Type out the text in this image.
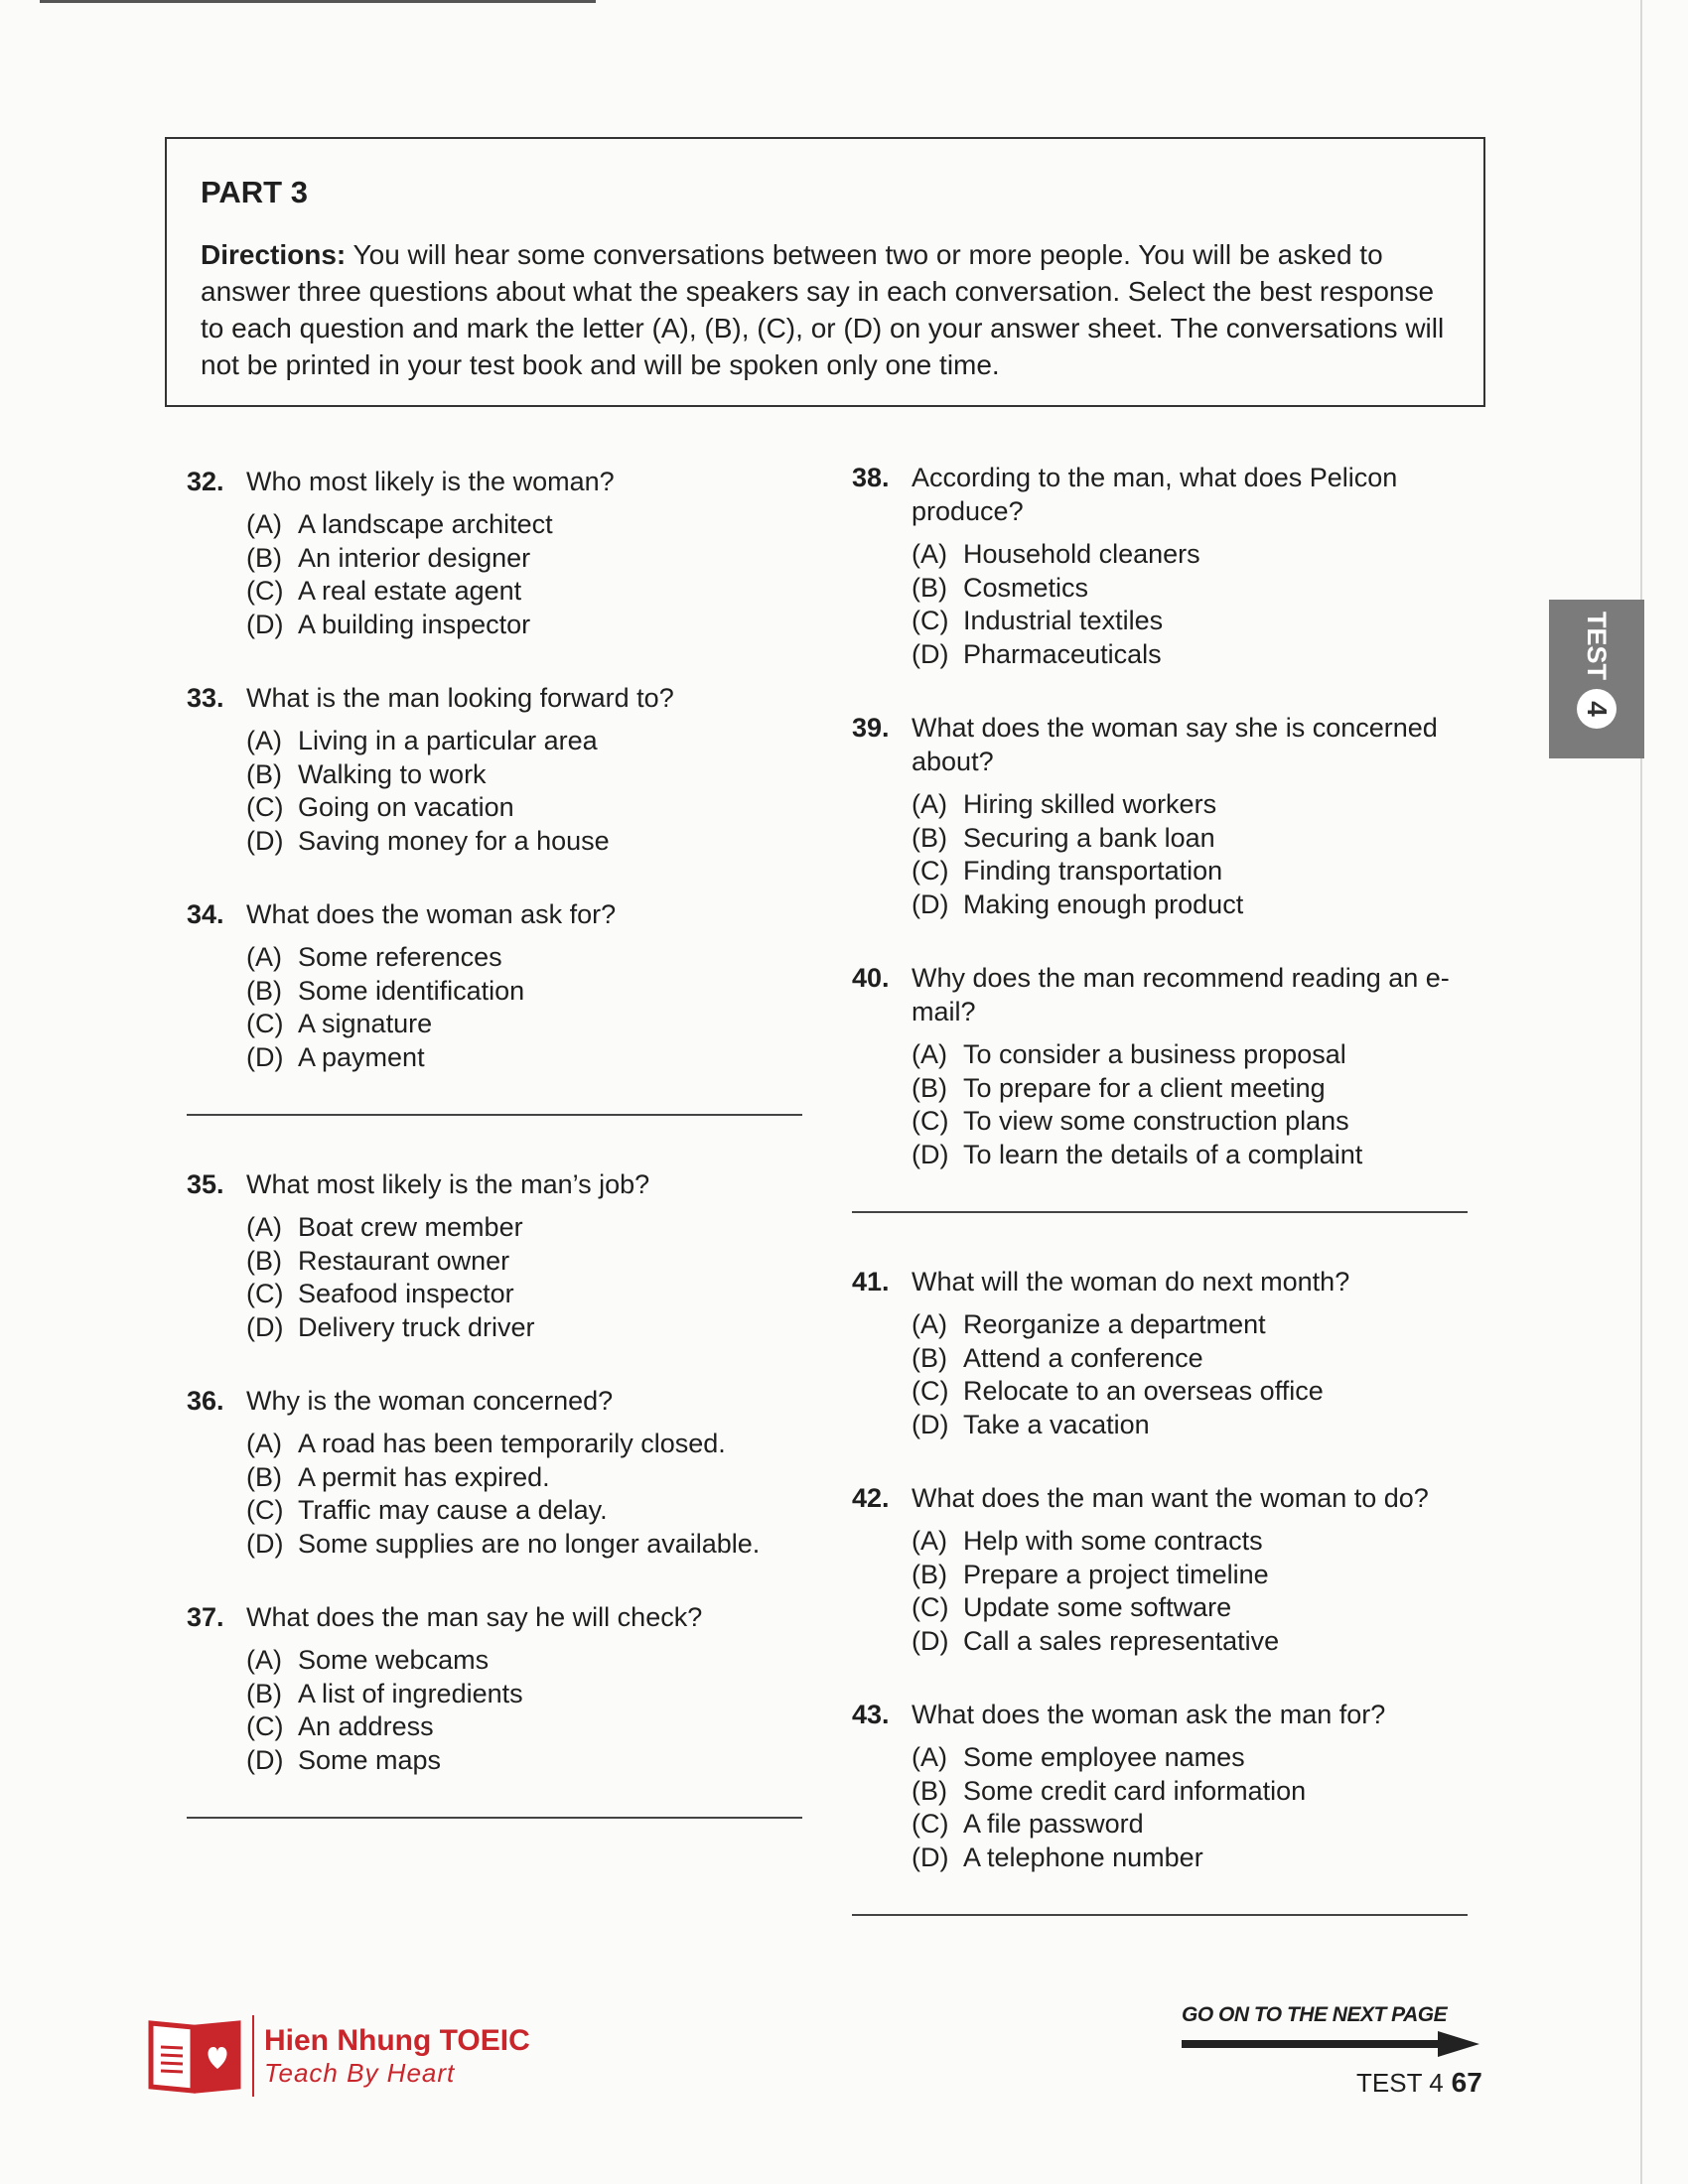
PART 3

Directions: You will hear some conversations between two or more people. You will be asked to answer three questions about what the speakers say in each conversation. Select the best response to each question and mark the letter (A), (B), (C), or (D) on your answer sheet. The conversations will not be printed in your test book and will be spoken only one time.

32. Who most likely is the woman?
(A) A landscape architect
(B) An interior designer
(C) A real estate agent
(D) A building inspector
33. What is the man looking forward to?
(A) Living in a particular area
(B) Walking to work
(C) Going on vacation
(D) Saving money for a house
34. What does the woman ask for?
(A) Some references
(B) Some identification
(C) A signature
(D) A payment
35. What most likely is the man’s job?
(A) Boat crew member
(B) Restaurant owner
(C) Seafood inspector
(D) Delivery truck driver
36. Why is the woman concerned?
(A) A road has been temporarily closed.
(B) A permit has expired.
(C) Traffic may cause a delay.
(D) Some supplies are no longer available.
37. What does the man say he will check?
(A) Some webcams
(B) A list of ingredients
(C) An address
(D) Some maps
38. According to the man, what does Pelicon produce?
(A) Household cleaners
(B) Cosmetics
(C) Industrial textiles
(D) Pharmaceuticals
39. What does the woman say she is concerned about?
(A) Hiring skilled workers
(B) Securing a bank loan
(C) Finding transportation
(D) Making enough product
40. Why does the man recommend reading an e-mail?
(A) To consider a business proposal
(B) To prepare for a client meeting
(C) To view some construction plans
(D) To learn the details of a complaint
41. What will the woman do next month?
(A) Reorganize a department
(B) Attend a conference
(C) Relocate to an overseas office
(D) Take a vacation
42. What does the man want the woman to do?
(A) Help with some contracts
(B) Prepare a project timeline
(C) Update some software
(D) Call a sales representative
43. What does the woman ask the man for?
(A) Some employee names
(B) Some credit card information
(C) A file password
(D) A telephone number
TEST
4
Hien Nhung TOEIC
Teach By Heart
GO ON TO THE NEXT PAGE
TEST 4 67
